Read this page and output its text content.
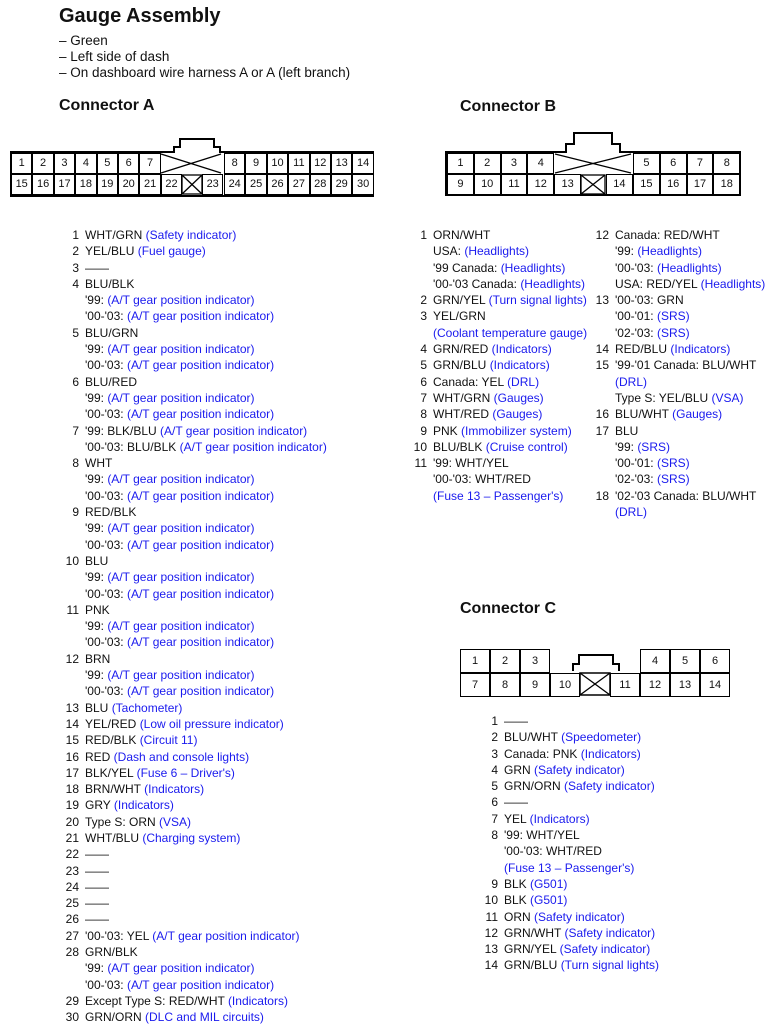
Gauge Assembly
– Green
– Left side of dash
– On dashboard wire harness A or A (left branch)
Connector A
1	2	3	4	5	6	7	8	9	10 11 12 13 14
15 16 17 18 19 20 21 22	23 24 25 26 27 28 29 30
1 WHT/GRN (Safety indicator)
2 YEL/BLU (Fuel gauge)
3 ——
4 BLU/BLK
'99: (A/T gear position indicator)
'00-'03: (A/T gear position indicator)
5 BLU/GRN
'99: (A/T gear position indicator)
'00-'03: (A/T gear position indicator)
6 BLU/RED
'99: (A/T gear position indicator)
'00-'03: (A/T gear position indicator)
7 '99: BLK/BLU (A/T gear position indicator)
'00-'03: BLU/BLK (A/T gear position indicator)
8 WHT
'99: (A/T gear position indicator)
'00-'03: (A/T gear position indicator)
9 RED/BLK
'99: (A/T gear position indicator)
'00-'03: (A/T gear position indicator)
10 BLU
'99: (A/T gear position indicator)
'00-'03: (A/T gear position indicator)
11 PNK
'99: (A/T gear position indicator)
'00-'03: (A/T gear position indicator)
12 BRN
'99: (A/T gear position indicator)
'00-'03: (A/T gear position indicator)
13 BLU (Tachometer)
14 YEL/RED (Low oil pressure indicator)
15 RED/BLK (Circuit 11)
16 RED (Dash and console lights)
17 BLK/YEL (Fuse 6 – Driver's)
18 BRN/WHT (Indicators)
19 GRY (Indicators)
20 Type S: ORN (VSA)
21 WHT/BLU (Charging system)
22 ——
23 ——
24 ——
25 ——
26 ——
27 '00-'03: YEL (A/T gear position indicator)
28 GRN/BLK
'99: (A/T gear position indicator)
'00-'03: (A/T gear position indicator)
29 Except Type S: RED/WHT (Indicators)
30 GRN/ORN (DLC and MIL circuits)
Connector B
1	2	3	4	5	6	7	8
9	10	11	12	13	14	15	16	17	18
1 ORN/WHT
USA: (Headlights)
'99 Canada: (Headlights)
'00-'03 Canada: (Headlights)
2 GRN/YEL (Turn signal lights)
3 YEL/GRN
(Coolant temperature gauge)
4 GRN/RED (Indicators)
5 GRN/BLU (Indicators)
6 Canada: YEL (DRL)
7 WHT/GRN (Gauges)
8 WHT/RED (Gauges)
9 PNK (Immobilizer system)
10 BLU/BLK (Cruise control)
11 '99: WHT/YEL
'00-'03: WHT/RED
(Fuse 13 – Passenger's)
12 Canada: RED/WHT
'99: (Headlights)
'00-'03: (Headlights)
USA: RED/YEL (Headlights)
13 '00-'03: GRN
'00-'01: (SRS)
'02-'03: (SRS)
14 RED/BLU (Indicators)
15 '99-'01 Canada: BLU/WHT
(DRL)
Type S: YEL/BLU (VSA)
16 BLU/WHT (Gauges)
17 BLU
'99: (SRS)
'00-'01: (SRS)
'02-'03: (SRS)
18 '02-'03 Canada: BLU/WHT
(DRL)
Connector C
1	2	3	4	5	6
7	8	9	10	11	12	13	14
1 ——
2 BLU/WHT (Speedometer)
3 Canada: PNK (Indicators)
4 GRN (Safety indicator)
5 GRN/ORN (Safety indicator)
6 ——
7 YEL (Indicators)
8 '99: WHT/YEL
'00-'03: WHT/RED
(Fuse 13 – Passenger's)
9 BLK (G501)
10 BLK (G501)
11 ORN (Safety indicator)
12 GRN/WHT (Safety indicator)
13 GRN/YEL (Safety indicator)
14 GRN/BLU (Turn signal lights)
